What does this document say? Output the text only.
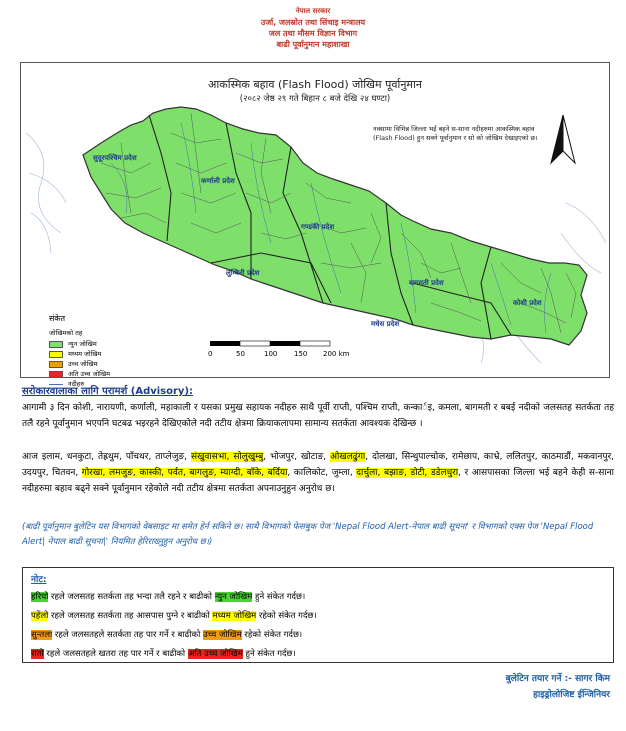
नेपाल सरकार
उर्जा, जलस्रोत तथा सिंचाइ मन्त्रालय
जल तथा मौसम विज्ञान विभाग
बाढी पूर्वानुमान महाशाखा
सुदूरपश्चिम प्रदेश
कर्णाली प्रदेश
गण्डकी प्रदेश
लुम्बिनी प्रदेश
बागमती प्रदेश
मधेस प्रदेश
कोशी प्रदेश
आकस्मिक बहाव (Flash Flood) जोखिम पूर्वानुमान
(२०८२ जेष्ठ २९ गते बिहान ८ बजे देखि २४ घण्टा)
नक्सामा विभिन्न जिल्ला भई बहने स-साना नदीहरुमा आकस्मिक बहाव (Flash Flood) हुन सक्ने पूर्वानुमान र सो को जोखिम देखाइएको छ।
संकेत
जोखिमको तह
न्युन जोखिम
मध्यम जोखिम
उच्च जोखिम
अति उच्च जोखिम
नदीहरु
0	50	100 150 200 km
सरोकारवालाका लागि परामर्श (Advisory):
आगामी ३ दिन कोशी, नारायणी, कर्णाली, महाकाली र यसका प्रमुख सहायक नदीहरु साथै पूर्वी राप्ती, पश्चिम राप्ती, कन्कार्इ, कमला, बागमती र बबई नदीको जलसतह सतर्कता तह तलै रहने पूर्वानुमान भएपनि घटबढ भइरहने देखिएकोले नदी तटीय क्षेत्रमा क्रियाकलापमा सामान्य सतर्कता आवश्यक देखिन्छ ।
आज इलाम, धनकुटा, तेह्रथुम, पाँचथर, ताप्लेजुङ, संखुवासभा, सोलुखुम्बु, भोजपुर, खोटाङ, ओखलढुंगा, दोलखा, सिन्धुपाल्चोक, रामेछाप, काभ्रे, ललितपुर, काठमाडौं, मकवानपुर, उदयपुर, चितवन, गोरखा, लमजुङ, कास्की, पर्वत, बागलुङ, म्याग्दी, बाँके, बर्दिया, कालिकोट, जुम्ला, दार्चुला, बझाङ, डोटी, डडेलधुरा, र आसपासका जिल्ला भई बहने केही स-साना नदीहरुमा बहाव बढ्ने सक्ने पूर्वानुमान रहेकोले नदी तटीय क्षेत्रमा सतर्कता अपनाउनुहुन अनुरोध छ।
(बाढी पूर्वानुमान बुलेटिन यस विभागको वेबसाइट मा समेत हेर्न सकिने छ। साथै विभागको फेसबुक पेज 'Nepal Flood Alert-नेपाल बाढी सूचना' र विभागको एक्स पेज 'Nepal Flood Alert| नेपाल बाढी सूचना|' नियमित हेरिराख्नुहुन अनुरोध छ।)
नोट:
हरियो रहले जलसतह सतर्कता तह भन्दा तलै रहने र बाढीको न्युन जोखिम हुने संकेत गर्दछ।
पहेंलो रहले जलसतह सतर्कता तह आसपास पुग्ने र बाढीको मध्यम जोखिम रहेको संकेत गर्दछ।
सुन्तला रहले जलसतहले सतर्कता तह पार गर्ने र बाढीको उच्च जोखिम रहेको संकेत गर्दछ।
रातो रहले जलसतहले खतरा तह पार गर्ने र बाढीको अति उच्च जोखिम हुने संकेत गर्दछ।
बुलेटिन तयार गर्ने :- सागर किम
हाइड्रोलोजिष्ट ईन्जिनियर
